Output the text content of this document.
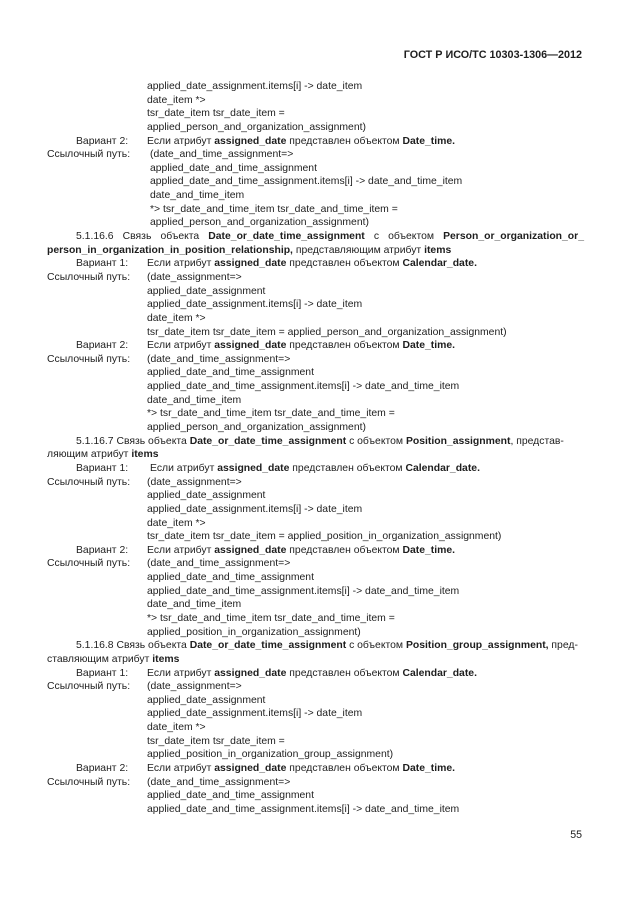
ГОСТ Р ИСО/ТС 10303-1306—2012
applied_date_assignment.items[i] -> date_item
date_item *>
tsr_date_item tsr_date_item =
applied_person_and_organization_assignment)
Вариант 2:	Если атрибут assigned_date представлен объектом Date_time.
Ссылочный путь:	(date_and_time_assignment=>
applied_date_and_time_assignment
applied_date_and_time_assignment.items[i] -> date_and_time_item
date_and_time_item
*> tsr_date_and_time_item tsr_date_and_time_item =
applied_person_and_organization_assignment)
5.1.16.6 Связь объекта Date_or_date_time_assignment с объектом Person_or_organization_or_
person_in_organization_in_position_relationship, представляющим атрибут items
Вариант 1:	Если атрибут assigned_date представлен объектом Calendar_date.
Ссылочный путь:	(date_assignment=>
applied_date_assignment
applied_date_assignment.items[i] -> date_item
date_item *>
tsr_date_item tsr_date_item = applied_person_and_organization_assignment)
Вариант 2:	Если атрибут assigned_date представлен объектом Date_time.
Ссылочный путь:	(date_and_time_assignment=>
applied_date_and_time_assignment
applied_date_and_time_assignment.items[i] -> date_and_time_item
date_and_time_item
*> tsr_date_and_time_item tsr_date_and_time_item =
applied_person_and_organization_assignment)
5.1.16.7 Связь объекта Date_or_date_time_assignment с объектом Position_assignment, представ-
ляющим атрибут items
Вариант 1:	Если атрибут assigned_date представлен объектом Calendar_date.
Ссылочный путь:	(date_assignment=>
applied_date_assignment
applied_date_assignment.items[i] -> date_item
date_item *>
tsr_date_item tsr_date_item = applied_position_in_organization_assignment)
Вариант 2:	Если атрибут assigned_date представлен объектом Date_time.
Ссылочный путь:	(date_and_time_assignment=>
applied_date_and_time_assignment
applied_date_and_time_assignment.items[i] -> date_and_time_item
date_and_time_item
*> tsr_date_and_time_item tsr_date_and_time_item =
applied_position_in_organization_assignment)
5.1.16.8 Связь объекта Date_or_date_time_assignment с объектом Position_group_assignment, пред-
ставляющим атрибут items
Вариант 1:	Если атрибут assigned_date представлен объектом Calendar_date.
Ссылочный путь:	(date_assignment=>
applied_date_assignment
applied_date_assignment.items[i] -> date_item
date_item *>
tsr_date_item tsr_date_item =
applied_position_in_organization_group_assignment)
Вариант 2:	Если атрибут assigned_date представлен объектом Date_time.
Ссылочный путь:	(date_and_time_assignment=>
applied_date_and_time_assignment
applied_date_and_time_assignment.items[i] -> date_and_time_item
55
